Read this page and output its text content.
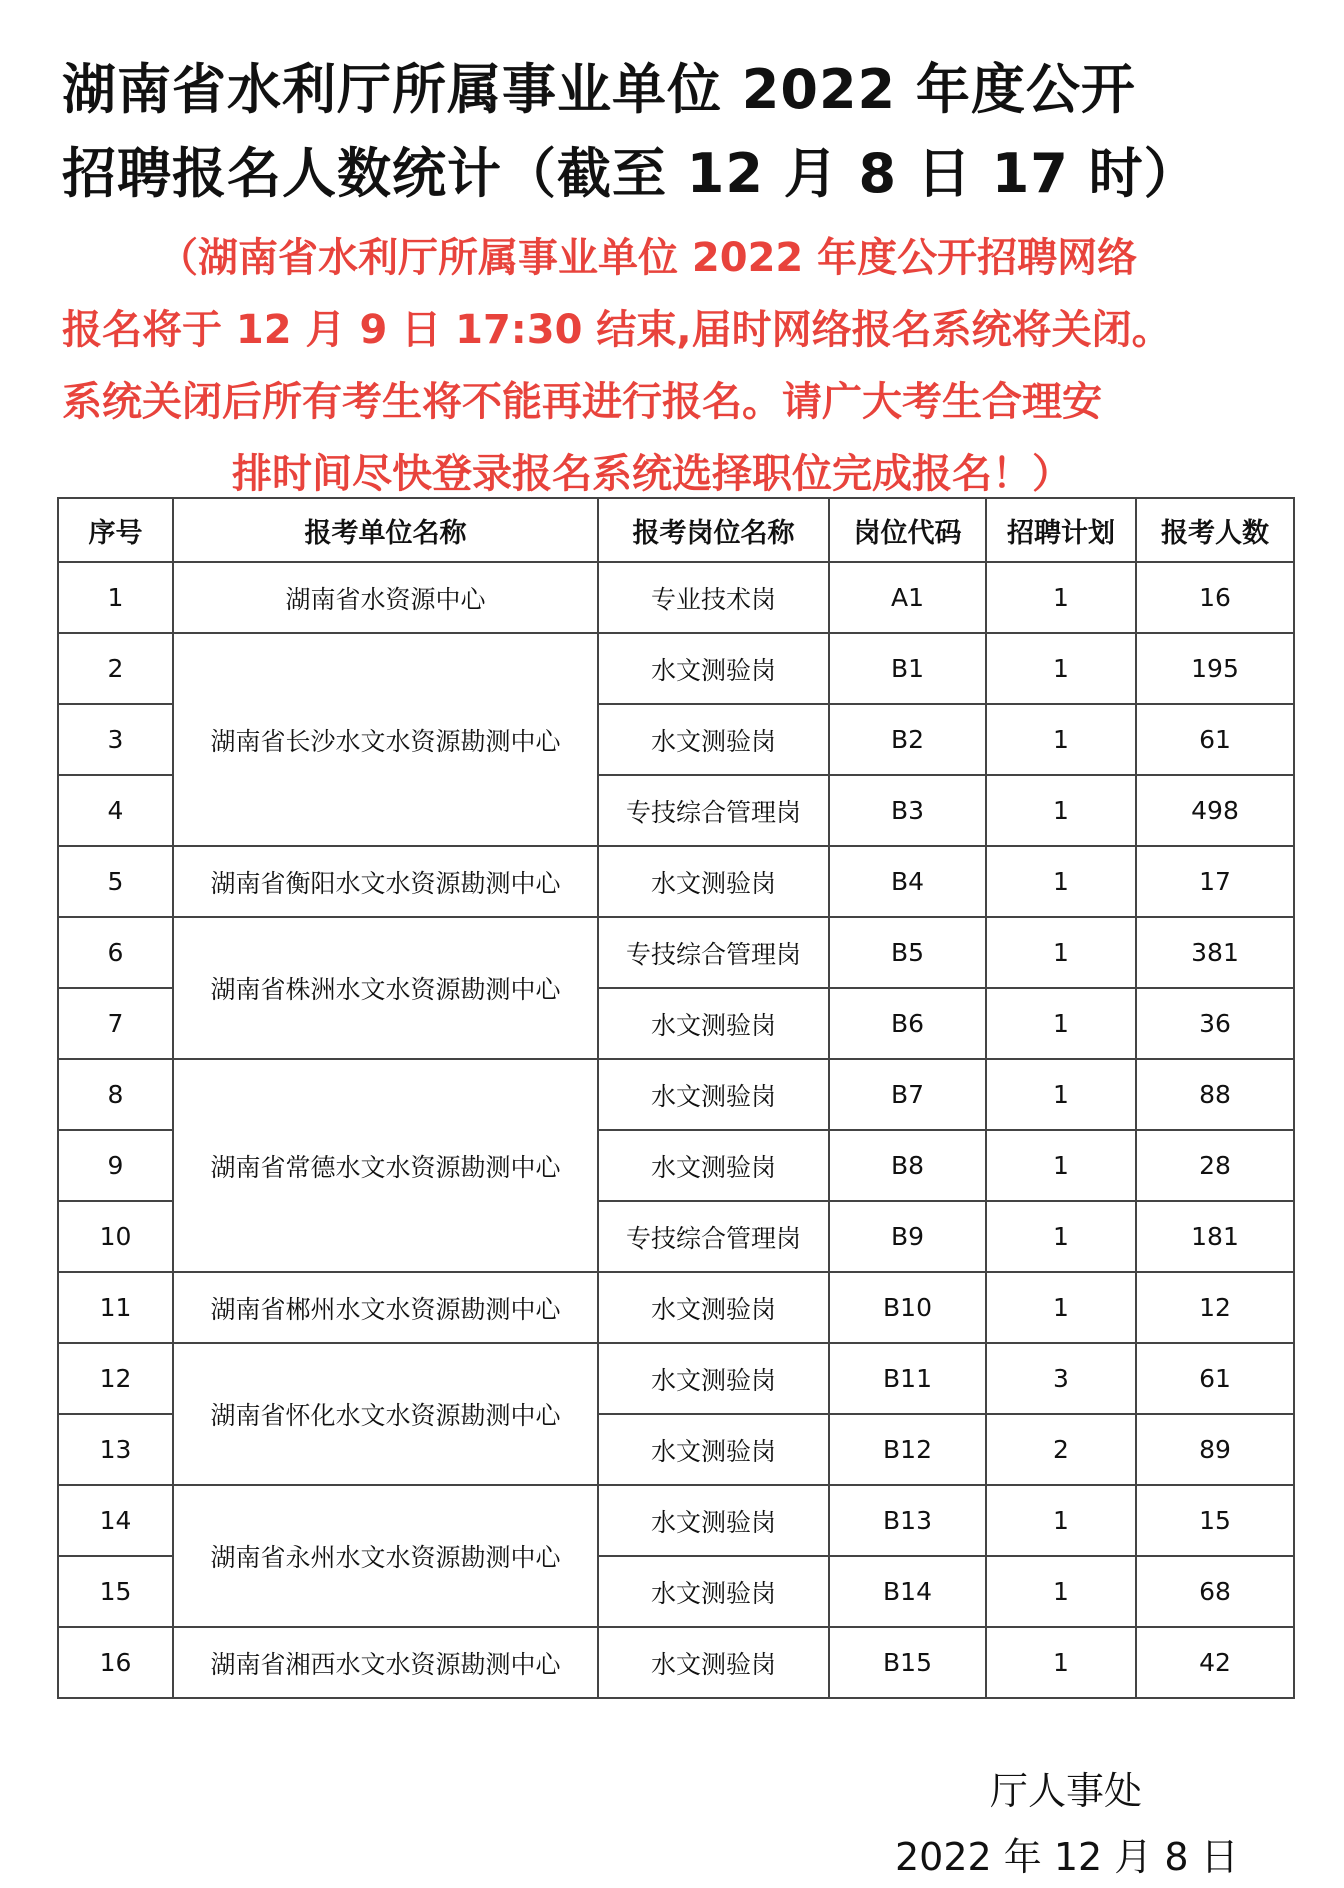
湖南省水利厅所属事业单位 2022 年度公开
招聘报名人数统计（截至 12 月 8 日 17 时）

（湖南省水利厅所属事业单位 2022 年度公开招聘网络
报名将于 12 月 9 日 17:30 结束,届时网络报名系统将关闭。
系统关闭后所有考生将不能再进行报名。请广大考生合理安
排时间尽快登录报名系统选择职位完成报名！）

序号	报考单位名称	报考岗位名称	岗位代码	招聘计划	报考人数
1	湖南省水资源中心	专业技术岗	A1	1	16
2	湖南省长沙水文水资源勘测中心	水文测验岗	B1	1	195
3		水文测验岗	B2	1	61
4		专技综合管理岗	B3	1	498
5	湖南省衡阳水文水资源勘测中心	水文测验岗	B4	1	17
6	湖南省株洲水文水资源勘测中心	专技综合管理岗	B5	1	381
7		水文测验岗	B6	1	36
8	湖南省常德水文水资源勘测中心	水文测验岗	B7	1	88
9		水文测验岗	B8	1	28
10		专技综合管理岗	B9	1	181
11	湖南省郴州水文水资源勘测中心	水文测验岗	B10	1	12
12	湖南省怀化水文水资源勘测中心	水文测验岗	B11	3	61
13		水文测验岗	B12	2	89
14	湖南省永州水文水资源勘测中心	水文测验岗	B13	1	15
15		水文测验岗	B14	1	68
16	湖南省湘西水文水资源勘测中心	水文测验岗	B15	1	42

厅人事处

2022 年 12 月 8 日
